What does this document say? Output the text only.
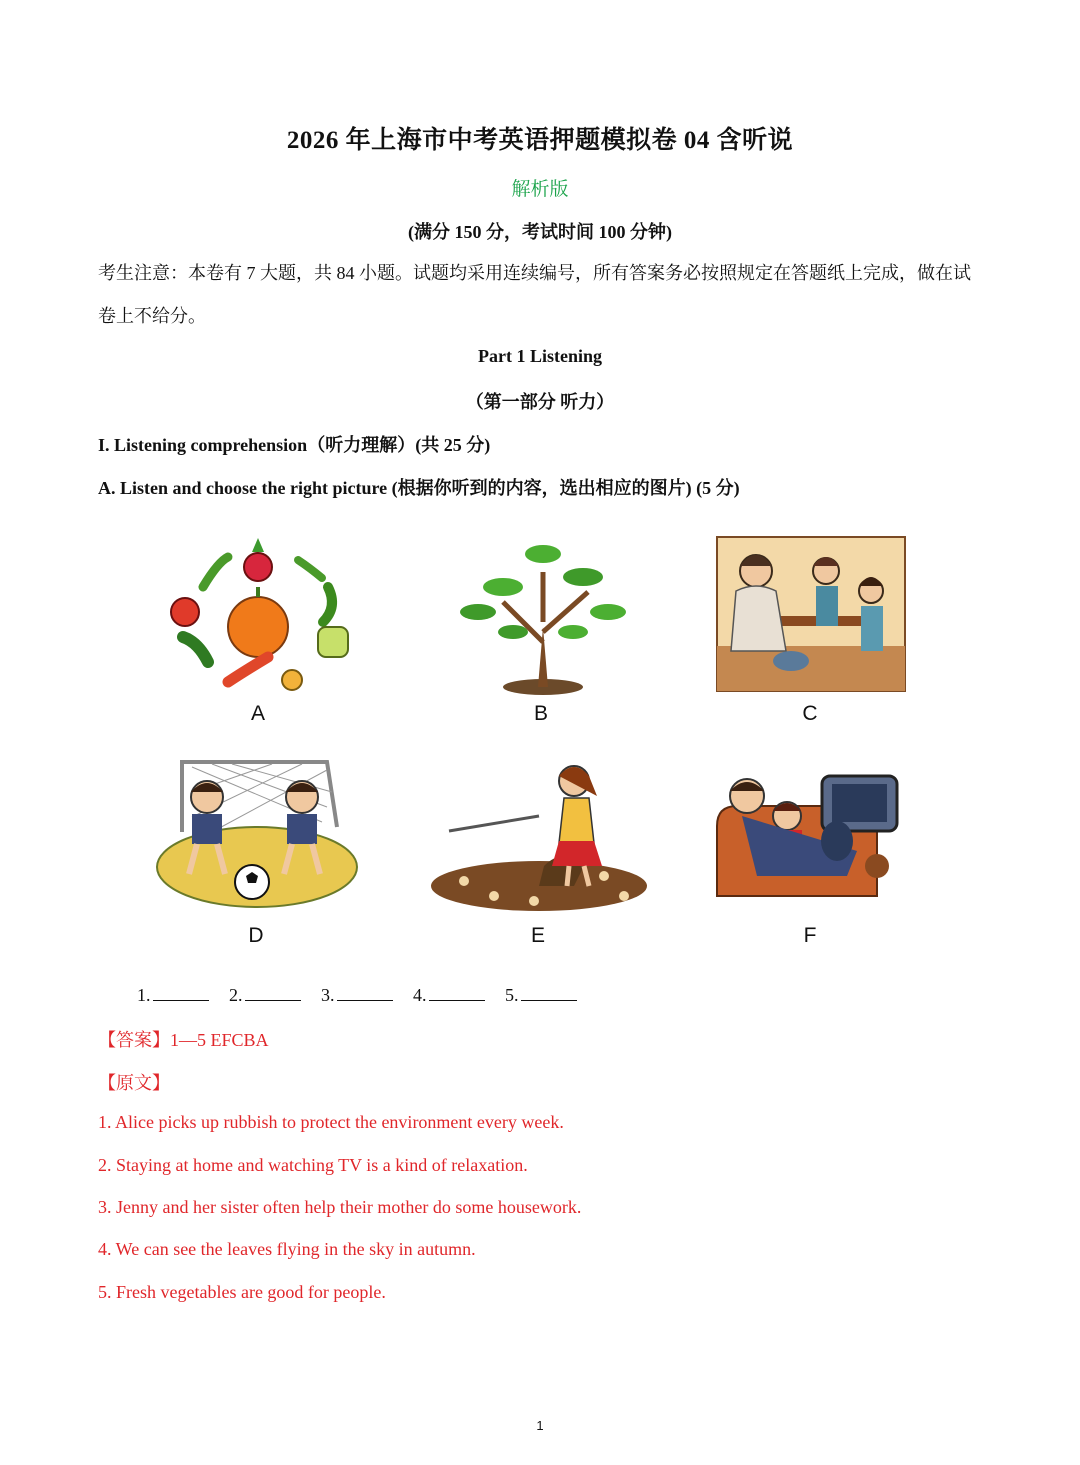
2026 年上海市中考英语押题模拟卷 04 含听说
解析版
(满分 150 分，考试时间 100 分钟)
考生注意：本卷有 7 大题，共 84 小题。试题均采用连续编号，所有答案务必按照规定在答题纸上完成，做在试卷上不给分。
Part 1 Listening
（第一部分 听力）
I. Listening comprehension（听力理解）(共 25 分)
A. Listen and choose the right picture (根据你听到的内容，选出相应的图片) (5 分)
A	B	C
D	E	F
1.	2.	3.	4.	5.
【答案】1—5 EFCBA
【原文】
1. Alice picks up rubbish to protect the environment every week.
2. Staying at home and watching TV is a kind of relaxation.
3. Jenny and her sister often help their mother do some housework.
4. We can see the leaves flying in the sky in autumn.
5. Fresh vegetables are good for people.
1
